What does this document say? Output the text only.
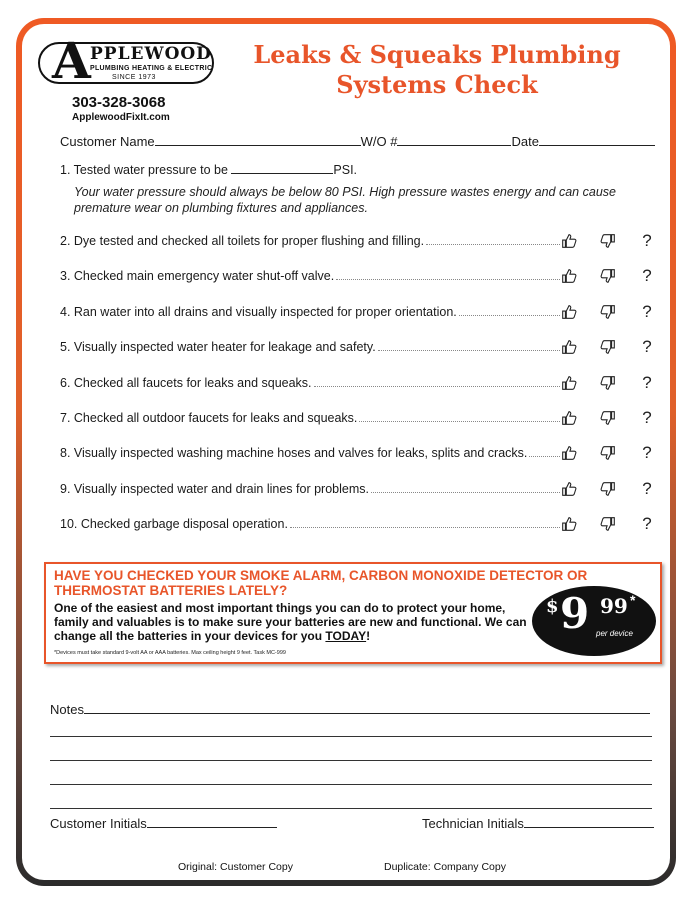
A PPLEWOOD
PLUMBING HEATING & ELECTRIC
SINCE 1973
303-328-3068
ApplewoodFixIt.com
Leaks & Squeaks Plumbing
Systems Check
Customer Name	W/O #	Date
1. Tested water pressure to be	PSI.
Your water pressure should always be below 80 PSI. High pressure wastes energy and can cause premature wear on plumbing fixtures and appliances.
2. Dye tested and checked all toilets for proper flushing and filling.	?
3. Checked main emergency water shut-off valve.	?
4. Ran water into all drains and visually inspected for proper orientation.	?
5. Visually inspected water heater for leakage and safety.	?
6. Checked all faucets for leaks and squeaks.	?
7. Checked all outdoor faucets for leaks and squeaks.	?
8. Visually inspected washing machine hoses and valves for leaks, splits and cracks.	?
9. Visually inspected water and drain lines for problems.	?
10. Checked garbage disposal operation.	?
HAVE YOU CHECKED YOUR SMOKE ALARM, CARBON MONOXIDE DETECTOR OR THERMOSTAT BATTERIES LATELY?
One of the easiest and most important things you can do to protect your home, family and valuables is to make sure your batteries are new and functional. We can change all the batteries in your devices for you TODAY!
*Devices must take standard 9-volt AA or AAA batteries. Max ceiling height 9 feet. Task MC-999
$ 9 99 *
per device
Notes
Customer Initials	Technician Initials
Original: Customer Copy	Duplicate: Company Copy
